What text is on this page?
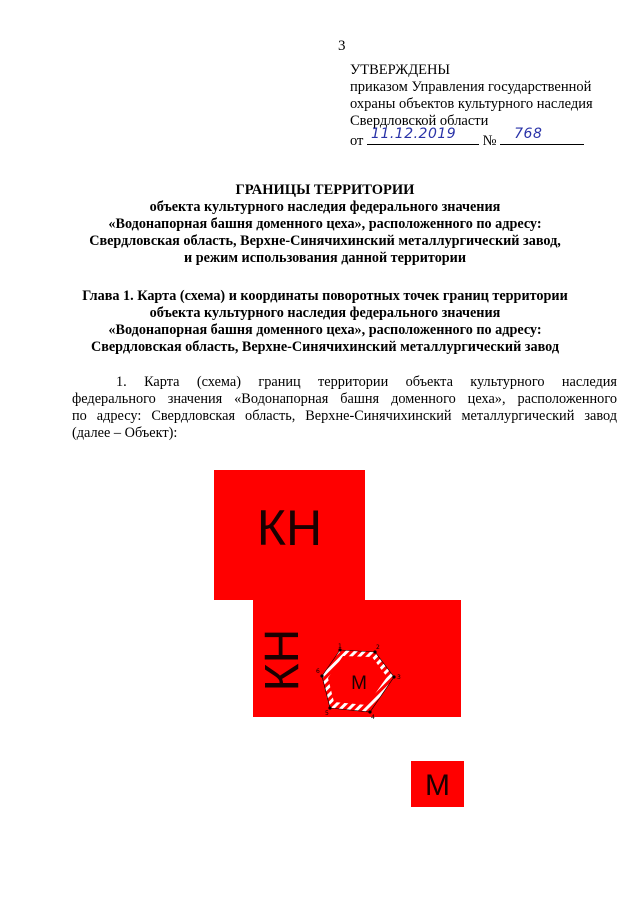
3
УТВЕРЖДЕНЫ
приказом Управления государственной
охраны объектов культурного наследия
Свердловской области
от 11.12.2019 № 768
ГРАНИЦЫ ТЕРРИТОРИИ
объекта культурного наследия федерального значения
«Водонапорная башня доменного цеха», расположенного по адресу:
Свердловская область, Верхне-Синячихинский металлургический завод,
и режим использования данной территории
Глава 1. Карта (схема) и координаты поворотных точек границ территории
объекта культурного наследия федерального значения
«Водонапорная башня доменного цеха», расположенного по адресу:
Свердловская область, Верхне-Синячихинский металлургический завод
1. Карта (схема) границ территории объекта культурного наследия
федерального значения «Водонапорная башня доменного цеха», расположенного
по адресу: Свердловская область, Верхне-Синячихинский металлургический завод
(далее – Объект):
КН
КН	1	2
3
4
5
6
М
М
